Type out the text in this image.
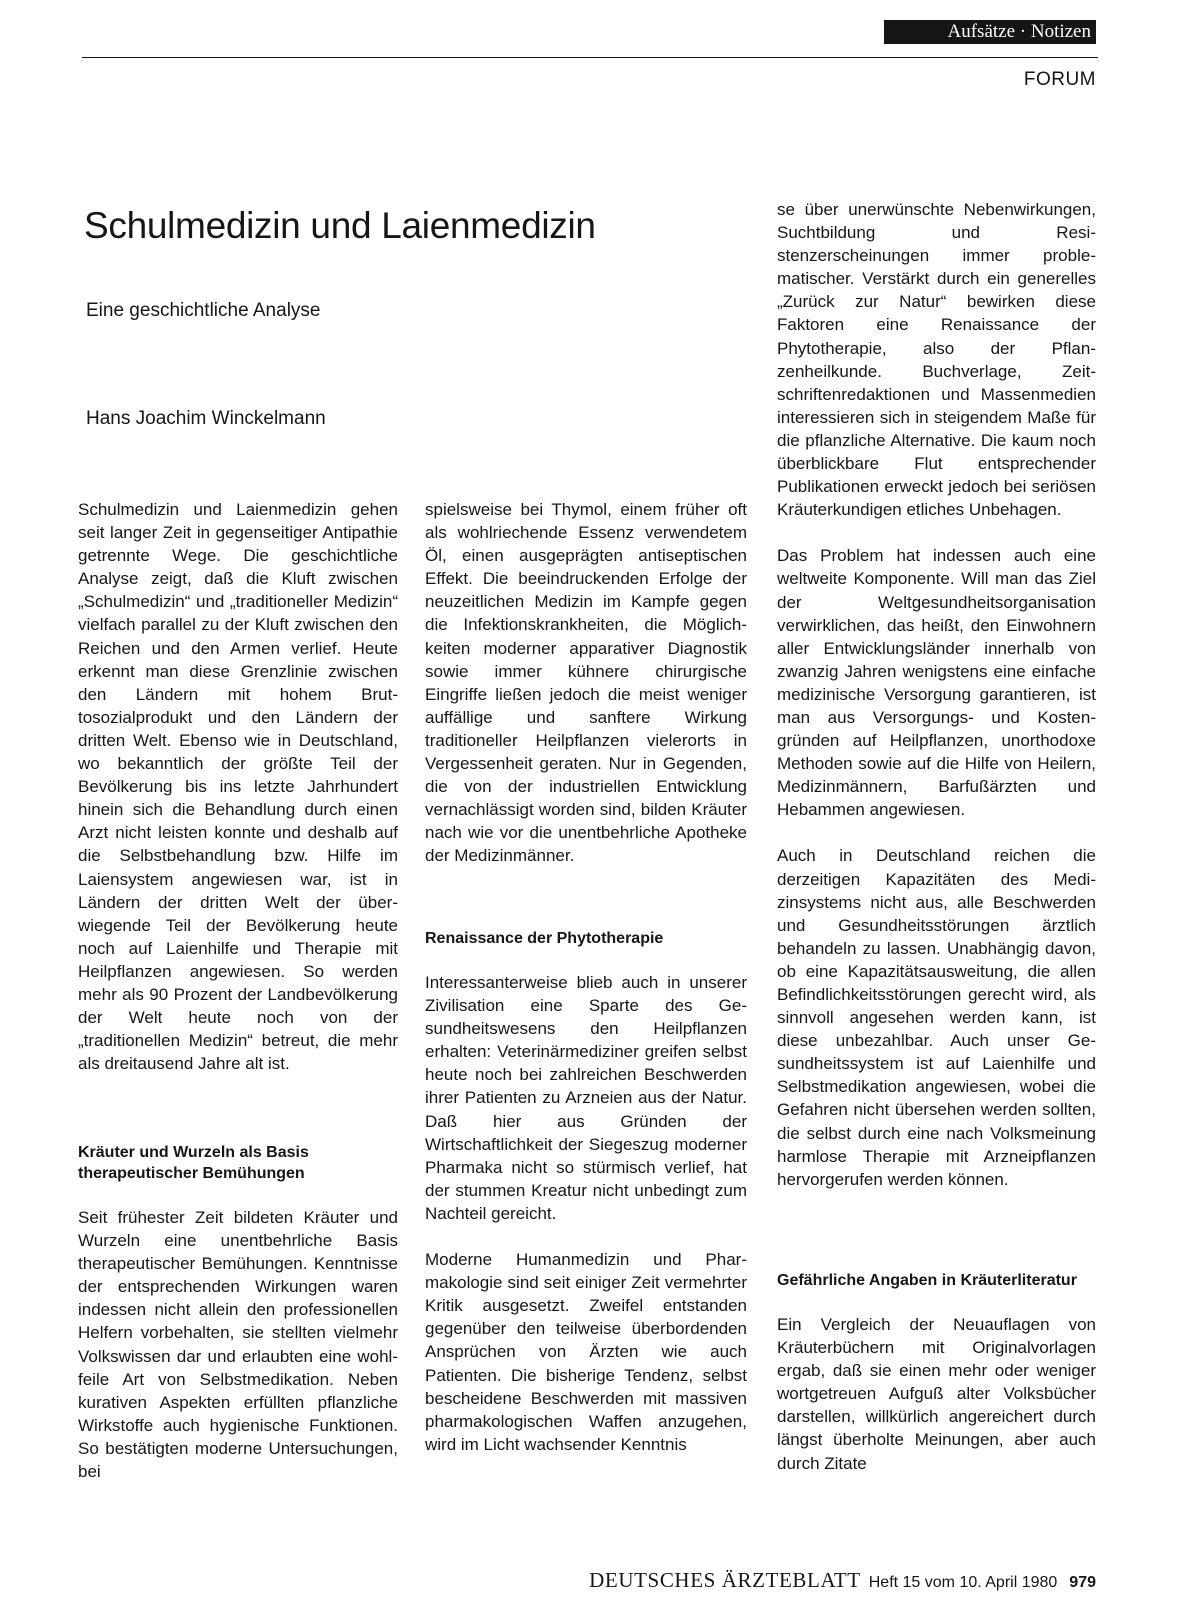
Aufsätze · Notizen
FORUM
Schulmedizin und Laienmedizin
Eine geschichtliche Analyse
Hans Joachim Winckelmann

Schulmedizin und Laienmedizin gehen seit langer Zeit in gegenseitiger Antipathie getrennte Wege. Die geschichtliche Analyse zeigt, daß die Kluft zwischen „Schulmedizin“ und „traditioneller Medizin“ vielfach parallel zu der Kluft zwischen den Reichen und den Armen verlief. Heute erkennt man diese Grenzlinie zwischen den Ländern mit hohem Bruttosozialprodukt und den Ländern der dritten Welt. Ebenso wie in Deutschland, wo bekanntlich der größte Teil der Bevölkerung bis ins letzte Jahrhundert hinein sich die Behandlung durch einen Arzt nicht leisten konnte und deshalb auf die Selbstbehandlung bzw. Hilfe im Laiensystem angewiesen war, ist in Ländern der dritten Welt der überwiegende Teil der Bevölkerung heute noch auf Laienhilfe und Therapie mit Heilpflanzen angewiesen. So werden mehr als 90 Prozent der Landbevölkerung der Welt heute noch von der „traditionellen Medizin“ betreut, die mehr als dreitausend Jahre alt ist.

Kräuter und Wurzeln als Basis therapeutischer Bemühungen

Seit frühester Zeit bildeten Kräuter und Wurzeln eine unentbehrliche Basis therapeutischer Bemühungen. Kenntnisse der entsprechenden Wirkungen waren indessen nicht allein den professionellen Helfern vorbehalten, sie stellten vielmehr Volkswissen dar und erlaubten eine wohlfeile Art von Selbstmedikation. Neben kurativen Aspekten erfüllten pflanzliche Wirkstoffe auch hygienische Funktionen. So bestätigten moderne Untersuchungen, bei

spielsweise bei Thymol, einem früher oft als wohlriechende Essenz verwendetem Öl, einen ausgeprägten antiseptischen Effekt. Die beeindruckenden Erfolge der neuzeitlichen Medizin im Kampfe gegen die Infektionskrankheiten, die Möglichkeiten moderner apparativer Diagnostik sowie immer kühnere chirurgische Eingriffe ließen jedoch die meist weniger auffällige und sanftere Wirkung traditioneller Heilpflanzen vielerorts in Vergessenheit geraten. Nur in Gegenden, die von der industriellen Entwicklung vernachlässigt worden sind, bilden Kräuter nach wie vor die unentbehrliche Apotheke der Medizinmänner.

Renaissance der Phytotherapie

Interessanterweise blieb auch in unserer Zivilisation eine Sparte des Gesundheitswesens den Heilpflanzen erhalten: Veterinärmediziner greifen selbst heute noch bei zahlreichen Beschwerden ihrer Patienten zu Arzneien aus der Natur. Daß hier aus Gründen der Wirtschaftlichkeit der Siegeszug moderner Pharmaka nicht so stürmisch verlief, hat der stummen Kreatur nicht unbedingt zum Nachteil gereicht.

Moderne Humanmedizin und Pharmakologie sind seit einiger Zeit vermehrter Kritik ausgesetzt. Zweifel entstanden gegenüber den teilweise überbordenden Ansprüchen von Ärzten wie auch Patienten. Die bisherige Tendenz, selbst bescheidene Beschwerden mit massiven pharmakologischen Waffen anzugehen, wird im Licht wachsender Kenntnis

se über unerwünschte Nebenwirkungen, Suchtbildung und Resistenzerscheinungen immer problematischer. Verstärkt durch ein generelles „Zurück zur Natur“ bewirken diese Faktoren eine Renaissance der Phytotherapie, also der Pflanzenheilkunde. Buchverlage, Zeitschriftenredaktionen und Massenmedien interessieren sich in steigendem Maße für die pflanzliche Alternative. Die kaum noch überblickbare Flut entsprechender Publikationen erweckt jedoch bei seriösen Kräuterkundigen etliches Unbehagen.

Das Problem hat indessen auch eine weltweite Komponente. Will man das Ziel der Weltgesundheitsorganisation verwirklichen, das heißt, den Einwohnern aller Entwicklungsländer innerhalb von zwanzig Jahren wenigstens eine einfache medizinische Versorgung garantieren, ist man aus Versorgungs- und Kostengründen auf Heilpflanzen, unorthodoxe Methoden sowie auf die Hilfe von Heilern, Medizinmännern, Barfußärzten und Hebammen angewiesen.

Auch in Deutschland reichen die derzeitigen Kapazitäten des Medizinsystems nicht aus, alle Beschwerden und Gesundheitsstörungen ärztlich behandeln zu lassen. Unabhängig davon, ob eine Kapazitätsausweitung, die allen Befindlichkeitsstörungen gerecht wird, als sinnvoll angesehen werden kann, ist diese unbezahlbar. Auch unser Gesundheitssystem ist auf Laienhilfe und Selbstmedikation angewiesen, wobei die Gefahren nicht übersehen werden sollten, die selbst durch eine nach Volksmeinung harmlose Therapie mit Arzneipflanzen hervorgerufen werden können.

Gefährliche Angaben in Kräuterliteratur

Ein Vergleich der Neuauflagen von Kräuterbüchern mit Originalvorlagen ergab, daß sie einen mehr oder weniger wortgetreuen Aufguß alter Volksbücher darstellen, willkürlich angereichert durch längst überholte Meinungen, aber auch durch Zitate

DEUTSCHES ÄRZTEBLATT Heft 15 vom 10. April 1980 979
